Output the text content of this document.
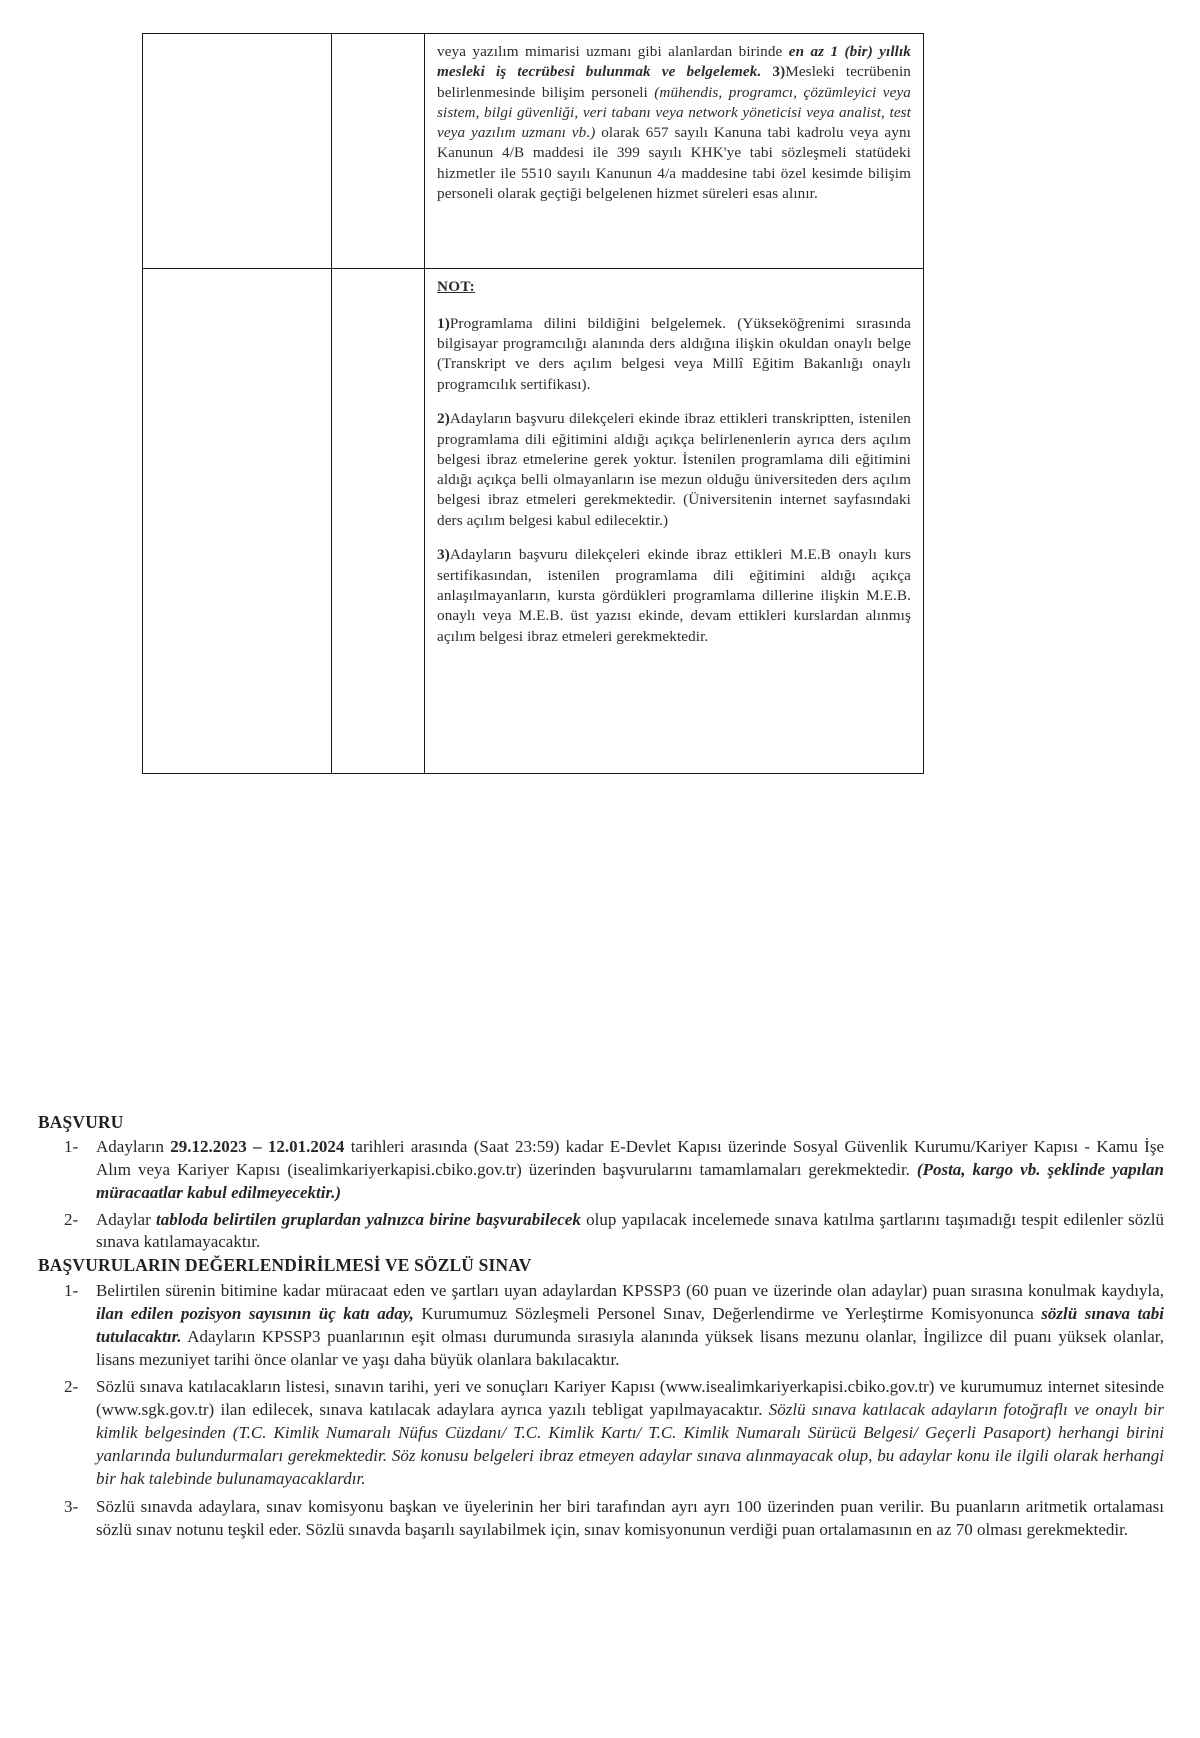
		veya yazılım mimarisi uzmanı gibi alanlardan birinde en az 1 (bir) yıllık mesleki iş tecrübesi bulunmak ve belgelemek. 3)Mesleki tecrübenin belirlenmesinde bilişim personeli (mühendis, programcı, çözümleyici veya sistem, bilgi güvenliği, veri tabanı veya network yöneticisi veya analist, test veya yazılım uzmanı vb.) olarak 657 sayılı Kanuna tabi kadrolu veya aynı Kanunun 4/B maddesi ile 399 sayılı KHK'ye tabi sözleşmeli statüdeki hizmetler ile 5510 sayılı Kanunun 4/a maddesine tabi özel kesimde bilişim personeli olarak geçtiği belgelenen hizmet süreleri esas alınır.

		NOT:

1)Programlama dilini bildiğini belgelemek. (Yükseköğrenimi sırasında bilgisayar programcılığı alanında ders aldığına ilişkin okuldan onaylı belge (Transkript ve ders açılım belgesi veya Millî Eğitim Bakanlığı onaylı programcılık sertifikası).

2)Adayların başvuru dilekçeleri ekinde ibraz ettikleri transkriptten, istenilen programlama dili eğitimini aldığı açıkça belirlenenlerin ayrıca ders açılım belgesi ibraz etmelerine gerek yoktur. İstenilen programlama dili eğitimini aldığı açıkça belli olmayanların ise mezun olduğu üniversiteden ders açılım belgesi ibraz etmeleri gerekmektedir. (Üniversitenin internet sayfasındaki ders açılım belgesi kabul edilecektir.)

3)Adayların başvuru dilekçeleri ekinde ibraz ettikleri M.E.B onaylı kurs sertifikasından, istenilen programlama dili eğitimini aldığı açıkça anlaşılmayanların, kursta gördükleri programlama dillerine ilişkin M.E.B. onaylı veya M.E.B. üst yazısı ekinde, devam ettikleri kurslardan alınmış açılım belgesi ibraz etmeleri gerekmektedir.

BAŞVURU
1-	Adayların 29.12.2023 – 12.01.2024 tarihleri arasında (Saat 23:59) kadar E-Devlet Kapısı üzerinde Sosyal Güvenlik Kurumu/Kariyer Kapısı - Kamu İşe Alım veya Kariyer Kapısı (isealimkariyerkapisi.cbiko.gov.tr) üzerinden başvurularını tamamlamaları gerekmektedir. (Posta, kargo vb. şeklinde yapılan müracaatlar kabul edilmeyecektir.)
2-	Adaylar tabloda belirtilen gruplardan yalnızca birine başvurabilecek olup yapılacak incelemede sınava katılma şartlarını taşımadığı tespit edilenler sözlü sınava katılamayacaktır.
BAŞVURULARIN DEĞERLENDİRİLMESİ VE SÖZLÜ SINAV
1-	Belirtilen sürenin bitimine kadar müracaat eden ve şartları uyan adaylardan KPSSP3 (60 puan ve üzerinde olan adaylar) puan sırasına konulmak kaydıyla, ilan edilen pozisyon sayısının üç katı aday, Kurumumuz Sözleşmeli Personel Sınav, Değerlendirme ve Yerleştirme Komisyonunca sözlü sınava tabi tutulacaktır. Adayların KPSSP3 puanlarının eşit olması durumunda sırasıyla alanında yüksek lisans mezunu olanlar, İngilizce dil puanı yüksek olanlar, lisans mezuniyet tarihi önce olanlar ve yaşı daha büyük olanlara bakılacaktır.
2-	Sözlü sınava katılacakların listesi, sınavın tarihi, yeri ve sonuçları Kariyer Kapısı (www.isealimkariyerkapisi.cbiko.gov.tr) ve kurumumuz internet sitesinde (www.sgk.gov.tr) ilan edilecek, sınava katılacak adaylara ayrıca yazılı tebligat yapılmayacaktır. Sözlü sınava katılacak adayların fotoğraflı ve onaylı bir kimlik belgesinden (T.C. Kimlik Numaralı Nüfus Cüzdanı/ T.C. Kimlik Kartı/ T.C. Kimlik Numaralı Sürücü Belgesi/ Geçerli Pasaport) herhangi birini yanlarında bulundurmaları gerekmektedir. Söz konusu belgeleri ibraz etmeyen adaylar sınava alınmayacak olup, bu adaylar konu ile ilgili olarak herhangi bir hak talebinde bulunamayacaklardır.
3-	Sözlü sınavda adaylara, sınav komisyonu başkan ve üyelerinin her biri tarafından ayrı ayrı 100 üzerinden puan verilir. Bu puanların aritmetik ortalaması sözlü sınav notunu teşkil eder. Sözlü sınavda başarılı sayılabilmek için, sınav komisyonunun verdiği puan ortalamasının en az 70 olması gerekmektedir.
